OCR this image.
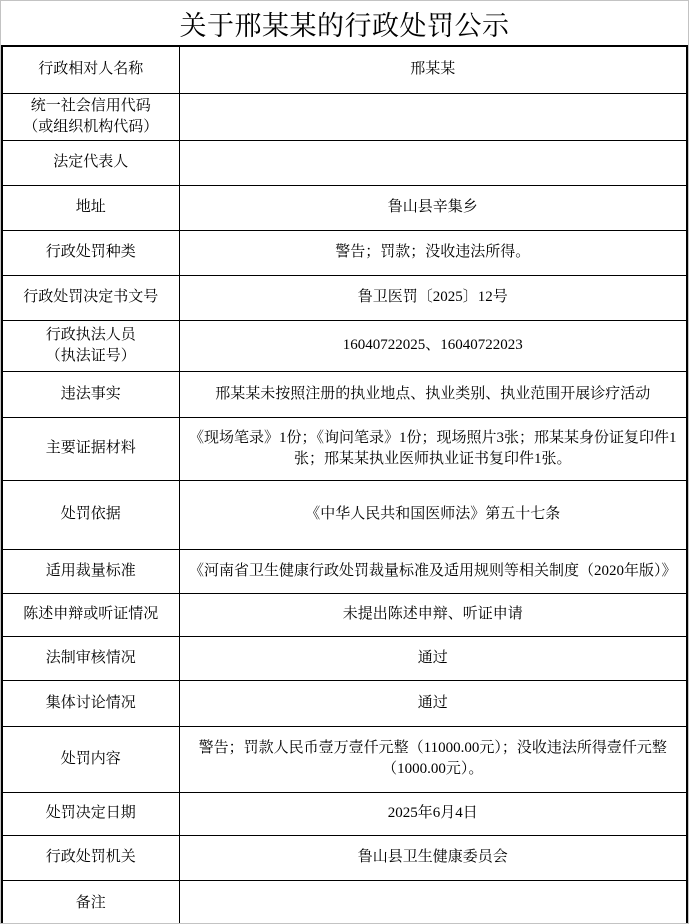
关于邢某某的行政处罚公示
行政相对人名称	邢某某

统一社会信用代码
（或组织机构代码）	

法定代表人	

地址	鲁山县辛集乡

行政处罚种类	警告；罚款；没收违法所得。

行政处罚决定书文号	鲁卫医罚〔2025〕12号

行政执法人员
（执法证号）	16040722025、16040722023

违法事实	邢某某未按照注册的执业地点、执业类别、执业范围开展诊疗活动

主要证据材料	《现场笔录》1份；《询问笔录》1份；现场照片3张；邢某某身份证复印件1张；邢某某执业医师执业证书复印件1张。

处罚依据	《中华人民共和国医师法》第五十七条

适用裁量标准	《河南省卫生健康行政处罚裁量标准及适用规则等相关制度（2020年版）》

陈述申辩或听证情况	未提出陈述申辩、听证申请

法制审核情况	通过

集体讨论情况	通过

处罚内容	警告；罚款人民币壹万壹仟元整（11000.00元）；没收违法所得壹仟元整（1000.00元）。

处罚决定日期	2025年6月4日

行政处罚机关	鲁山县卫生健康委员会

备注	
